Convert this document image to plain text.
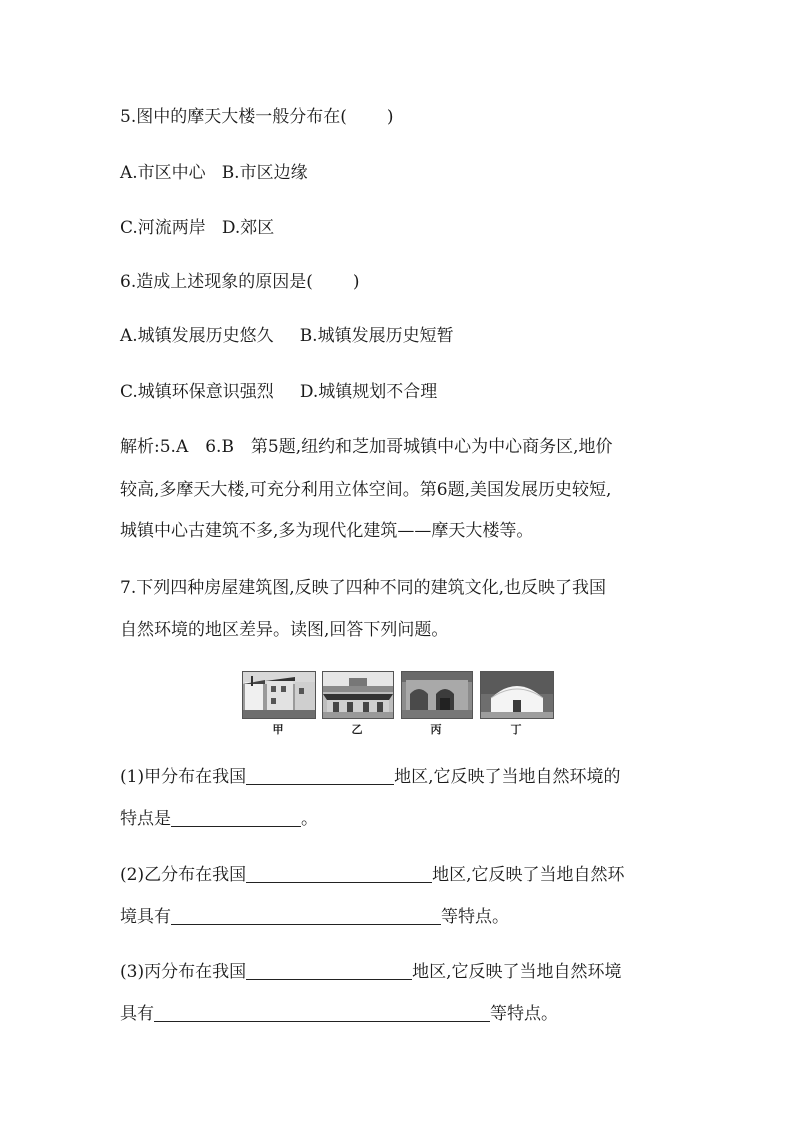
5.图中的摩天大楼一般分布在( )
A.市区中心 B.市区边缘
C.河流两岸 D.郊区
6.造成上述现象的原因是( )
A.城镇发展历史悠久 B.城镇发展历史短暂
C.城镇环保意识强烈 D.城镇规划不合理
解析:5.A　6.B　第5题,纽约和芝加哥城镇中心为中心商务区,地价
较高,多摩天大楼,可充分利用立体空间。第6题,美国发展历史较短,
城镇中心古建筑不多,多为现代化建筑——摩天大楼等。
7.下列四种房屋建筑图,反映了四种不同的建筑文化,也反映了我国
自然环境的地区差异。读图,回答下列问题。
甲	乙	丙	丁
(1)甲分布在我国	地区,它反映了当地自然环境的
特点是	。
(2)乙分布在我国	地区,它反映了当地自然环
境具有	等特点。
(3)丙分布在我国	地区,它反映了当地自然环境
具有	等特点。
